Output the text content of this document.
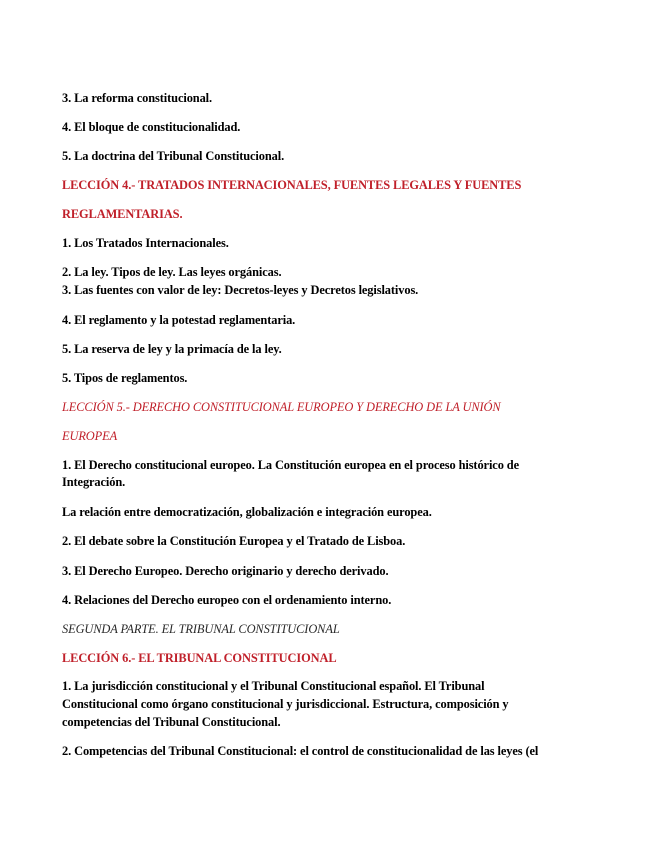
3. La reforma constitucional.
4. El bloque de constitucionalidad.
5. La doctrina del Tribunal Constitucional.
LECCIÓN 4.- TRATADOS INTERNACIONALES, FUENTES LEGALES Y FUENTES
REGLAMENTARIAS.
1. Los Tratados Internacionales.
2. La ley. Tipos de ley. Las leyes orgánicas.
3. Las fuentes con valor de ley: Decretos-leyes y Decretos legislativos.
4. El reglamento y la potestad reglamentaria.
5. La reserva de ley y la primacía de la ley.
5. Tipos de reglamentos.
LECCIÓN 5.- DERECHO CONSTITUCIONAL EUROPEO Y DERECHO DE LA UNIÓN
EUROPEA
1. El Derecho constitucional europeo. La Constitución europea en el proceso histórico de
Integración.
La relación entre democratización, globalización e integración europea.
2. El debate sobre la Constitución Europea y el Tratado de Lisboa.
3. El Derecho Europeo. Derecho originario y derecho derivado.
4. Relaciones del Derecho europeo con el ordenamiento interno.
SEGUNDA PARTE. EL TRIBUNAL CONSTITUCIONAL
LECCIÓN 6.- EL TRIBUNAL CONSTITUCIONAL
1. La jurisdicción constitucional y el Tribunal Constitucional español. El Tribunal
Constitucional como órgano constitucional y jurisdiccional. Estructura, composición y
competencias del Tribunal Constitucional.
2. Competencias del Tribunal Constitucional: el control de constitucionalidad de las leyes (el
